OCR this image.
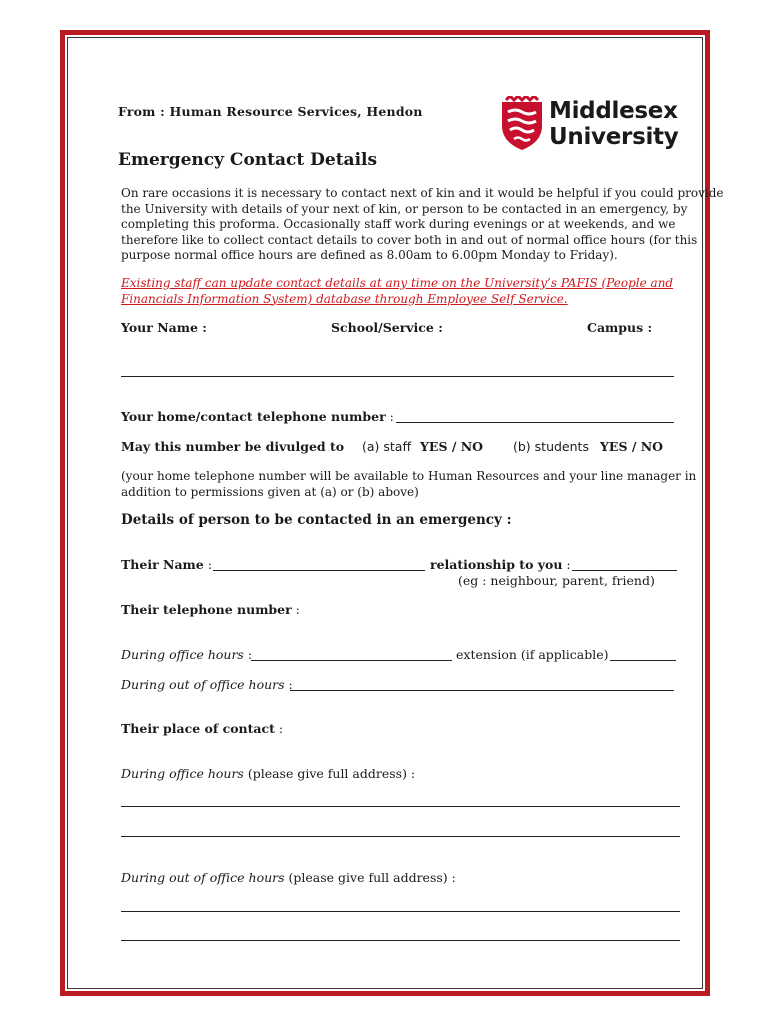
From : Human Resource Services, Hendon	Middlesex
University
Emergency Contact Details
On rare occasions it is necessary to contact next of kin and it would be helpful if you could provide
the University with details of your next of kin, or person to be contacted in an emergency, by
completing this proforma. Occasionally staff work during evenings or at weekends, and we
therefore like to collect contact details to cover both in and out of normal office hours (for this
purpose normal office hours are defined as 8.00am to 6.00pm Monday to Friday).
Existing staff can update contact details at any time on the University’s PAFIS (People and
Financials Information System) database through Employee Self Service.
Your Name :	School/Service :	Campus :
Your home/contact telephone number :
May this number be divulged to (a) staff YES / NO (b) students YES / NO
(your home telephone number will be available to Human Resources and your line manager in
addition to permissions given at (a) or (b) above)
Details of person to be contacted in an emergency :
Their Name :	relationship to you :
(eg : neighbour, parent, friend)
Their telephone number :
During office hours :	extension (if applicable)
During out of office hours :
Their place of contact :
During office hours (please give full address) :
During out of office hours (please give full address) :
